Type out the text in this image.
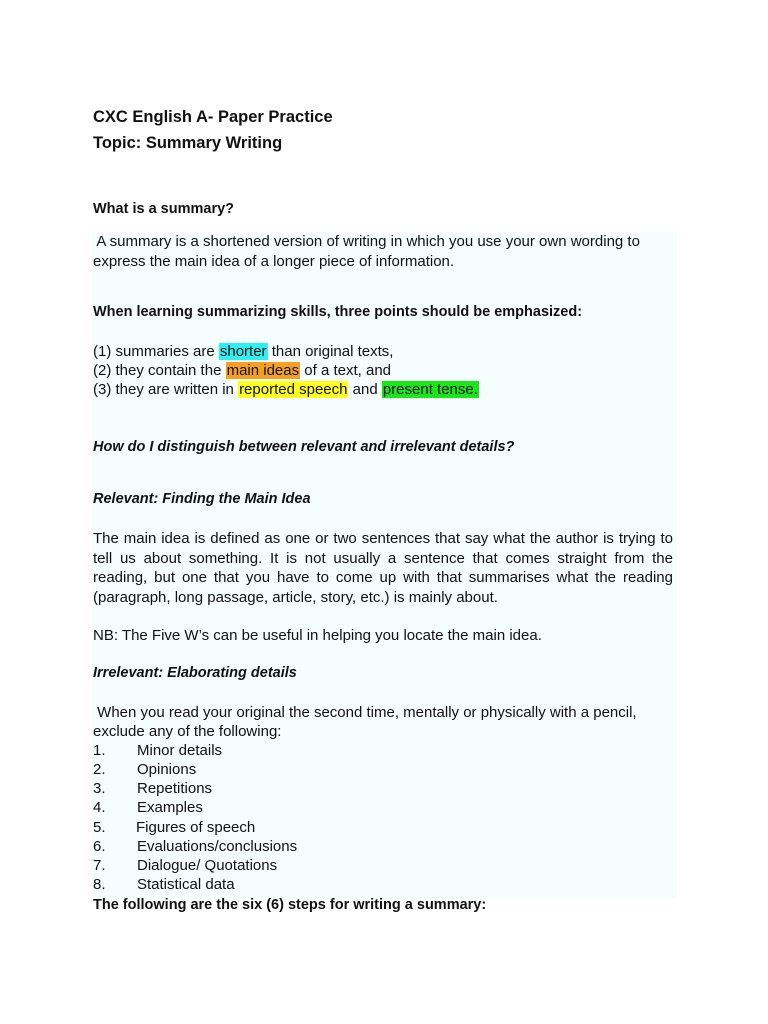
CXC English A- Paper Practice
Topic: Summary Writing
What is a summary?
A summary is a shortened version of writing in which you use your own wording to
express the main idea of a longer piece of information.
When learning summarizing skills, three points should be emphasized:
(1) summaries are shorter than original texts,
(2) they contain the main ideas of a text, and
(3) they are written in reported speech and present tense.
How do I distinguish between relevant and irrelevant details?
Relevant: Finding the Main Idea
The main idea is defined as one or two sentences that say what the author is trying to tell us about something. It is not usually a sentence that comes straight from the reading, but one that you have to come up with that summarises what the reading (paragraph, long passage, article, story, etc.) is mainly about.
NB: The Five W’s can be useful in helping you locate the main idea.
Irrelevant: Elaborating details
When you read your original the second time, mentally or physically with a pencil,
exclude any of the following:
1. Minor details
2. Opinions
3. Repetitions
4. Examples
5. Figures of speech
6. Evaluations/conclusions
7. Dialogue/ Quotations
8. Statistical data
The following are the six (6) steps for writing a summary:
